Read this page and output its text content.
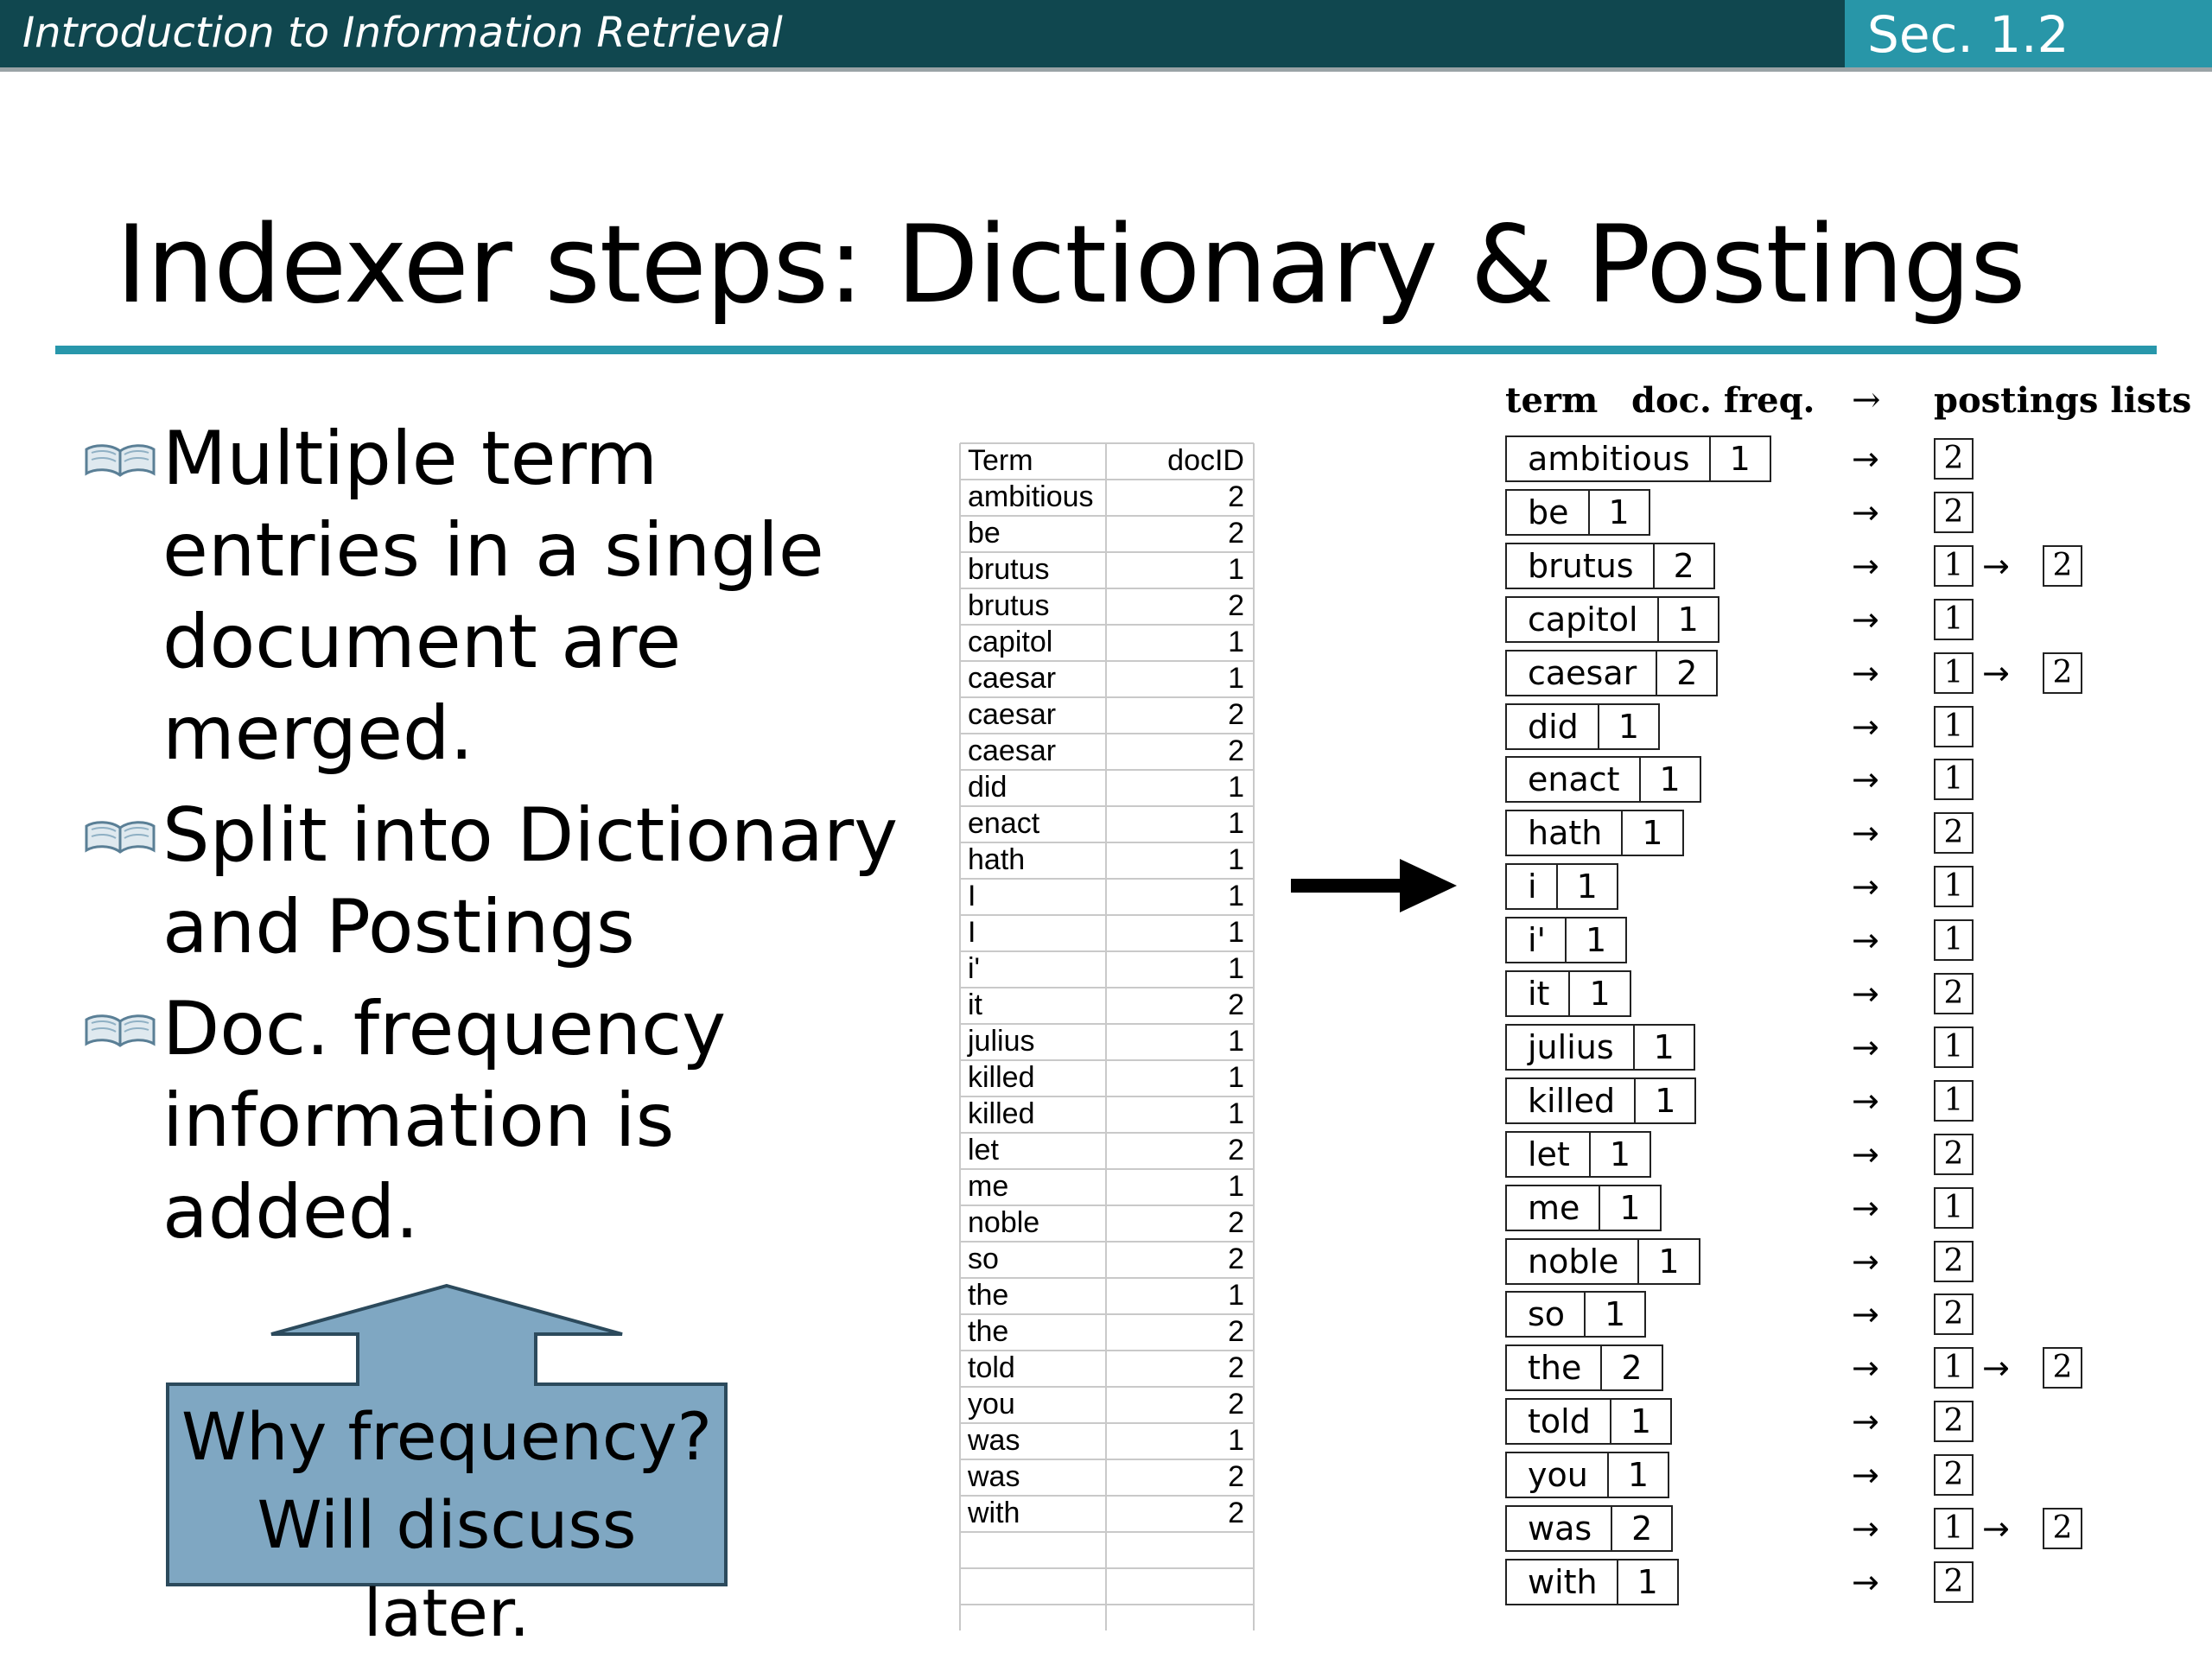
Introduction to Information Retrieval	Sec. 1.2
Indexer steps: Dictionary & Postings
Multiple term
entries in a single
document are
merged.
Split into Dictionary
and Postings
Doc. frequency
information is
added.
Why frequency?
Will discuss later.
Term	docID
ambitious	2
be	2
brutus	1
brutus	2
capitol	1
caesar	1
caesar	2
caesar	2
did	1
enact	1
hath	1
I	1
I	1
i'	1
it	2
julius	1
killed	1
killed	1
let	2
me	1
noble	2
so	2
the	1
the	2
told	2
you	2
was	1
was	2
with	2
term doc. freq. → postings lists
ambitious 1	→	2
be 1	→	2
brutus 2	→	1 →	2
capitol 1	→	1
caesar 2	→	1 →	2
did 1	→	1
enact 1	→	1
hath 1	→	2
i 1	→	1
i' 1	→	1
it 1	→	2
julius 1	→	1
killed 1	→	1
let 1	→	2
me 1	→	1
noble 1	→	2
so 1	→	2
the 2	→	1 →	2
told 1	→	2
you 1	→	2
was 2	→	1 →	2
with 1	→	2
